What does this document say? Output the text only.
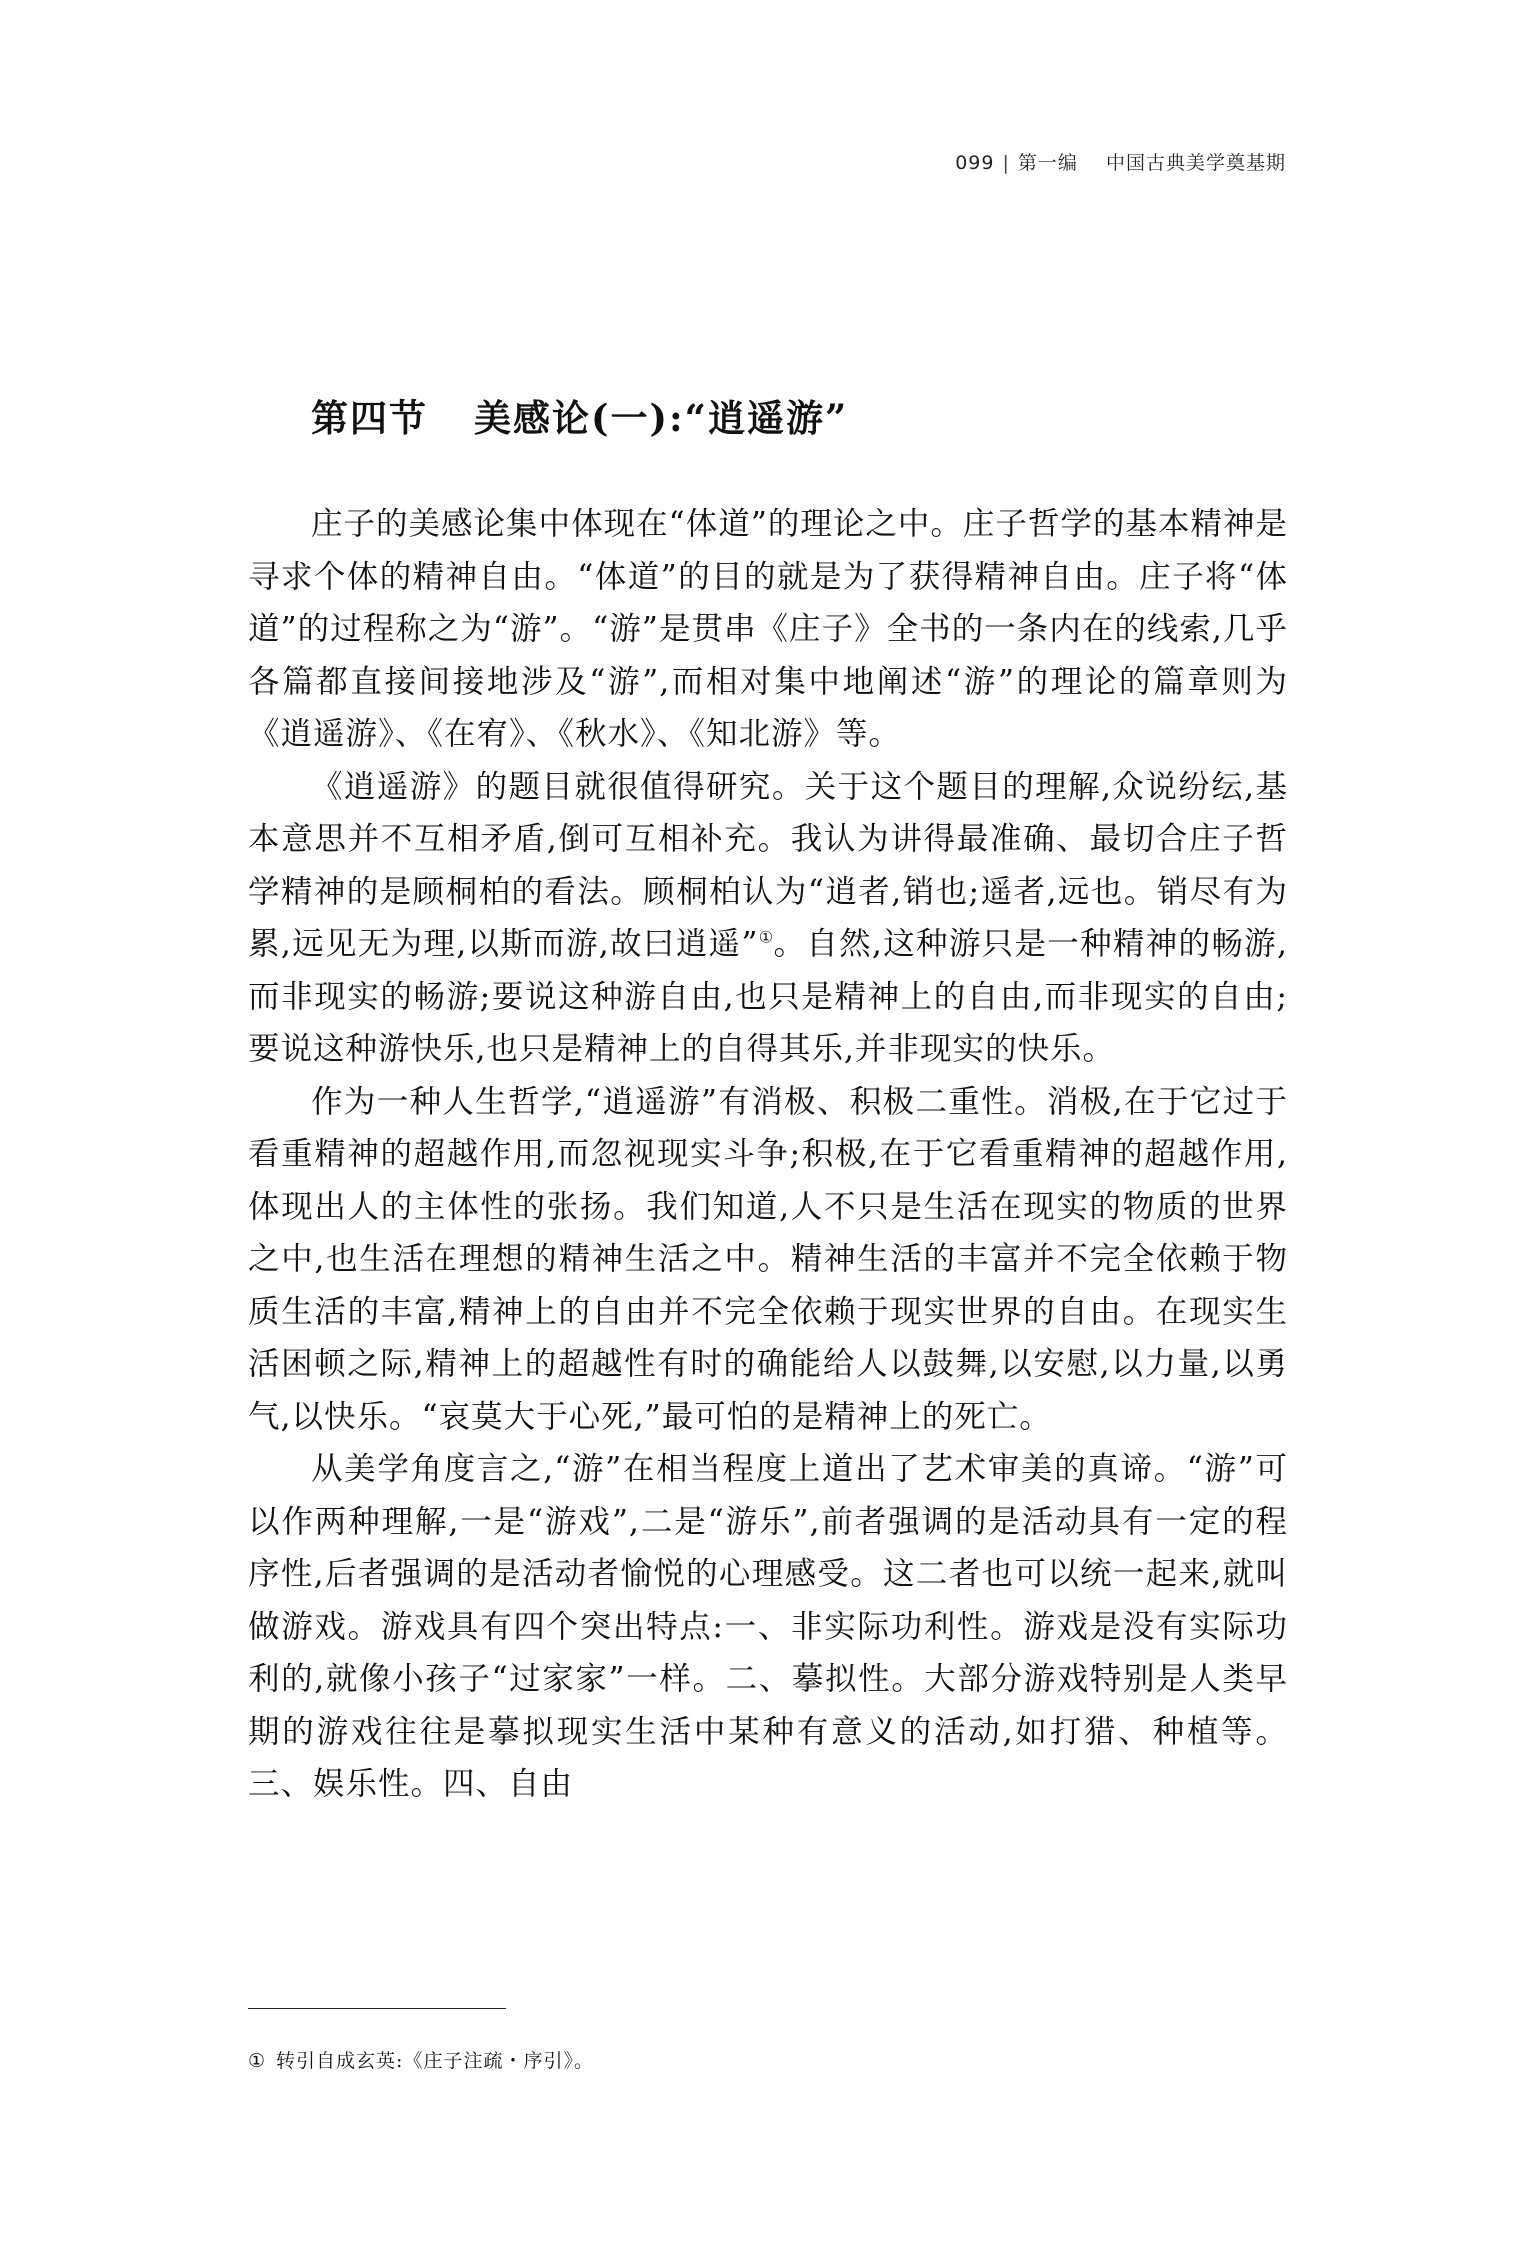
099 | 第一编 中国古典美学奠基期
第四节 美感论(一):“逍遥游”

庄子的美感论集中体现在“体道”的理论之中。庄子哲学的基本精神是寻求个体的精神自由。“体道”的目的就是为了获得精神自由。庄子将“体道”的过程称之为“游”。“游”是贯串《庄子》全书的一条内在的线索,几乎各篇都直接间接地涉及“游”,而相对集中地阐述“游”的理论的篇章则为《逍遥游》、《在宥》、《秋水》、《知北游》等。

《逍遥游》的题目就很值得研究。关于这个题目的理解,众说纷纭,基本意思并不互相矛盾,倒可互相补充。我认为讲得最准确、最切合庄子哲学精神的是顾桐柏的看法。顾桐柏认为“逍者,销也;遥者,远也。销尽有为累,远见无为理,以斯而游,故曰逍遥”①。自然,这种游只是一种精神的畅游,而非现实的畅游;要说这种游自由,也只是精神上的自由,而非现实的自由;要说这种游快乐,也只是精神上的自得其乐,并非现实的快乐。

作为一种人生哲学,“逍遥游”有消极、积极二重性。消极,在于它过于看重精神的超越作用,而忽视现实斗争;积极,在于它看重精神的超越作用,体现出人的主体性的张扬。我们知道,人不只是生活在现实的物质的世界之中,也生活在理想的精神生活之中。精神生活的丰富并不完全依赖于物质生活的丰富,精神上的自由并不完全依赖于现实世界的自由。在现实生活困顿之际,精神上的超越性有时的确能给人以鼓舞,以安慰,以力量,以勇气,以快乐。“哀莫大于心死,”最可怕的是精神上的死亡。

从美学角度言之,“游”在相当程度上道出了艺术审美的真谛。“游”可以作两种理解,一是“游戏”,二是“游乐”,前者强调的是活动具有一定的程序性,后者强调的是活动者愉悦的心理感受。这二者也可以统一起来,就叫做游戏。游戏具有四个突出特点:一、非实际功利性。游戏是没有实际功利的,就像小孩子“过家家”一样。二、摹拟性。大部分游戏特别是人类早期的游戏往往是摹拟现实生活中某种有意义的活动,如打猎、种植等。三、娱乐性。四、自由

① 转引自成玄英:《庄子注疏・序引》。
